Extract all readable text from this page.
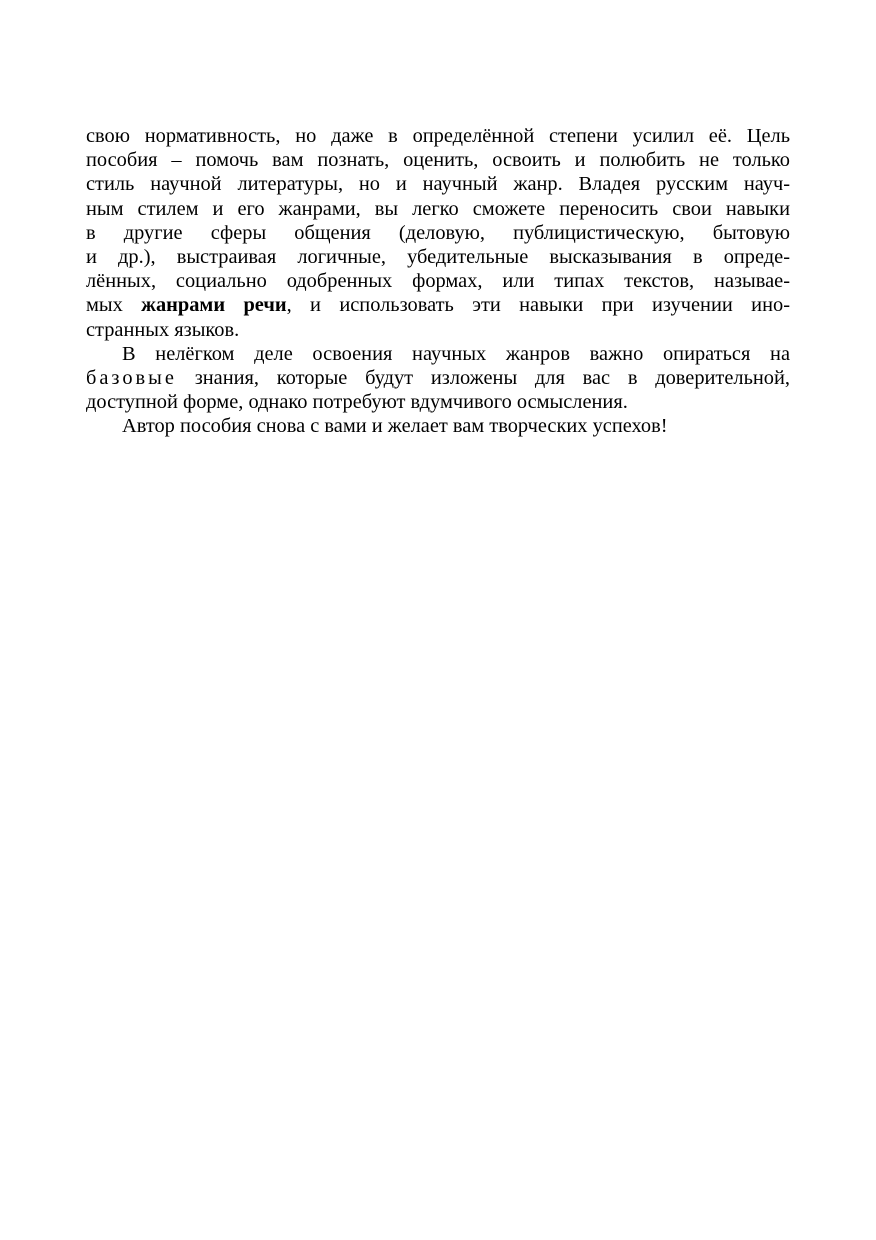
свою нормативность, но даже в определённой степени усилил её. Цель
пособия – помочь вам познать, оценить, освоить и полюбить не только
стиль научной литературы, но и научный жанр. Владея русским науч-
ным стилем и его жанрами, вы легко сможете переносить свои навыки
в другие сферы общения (деловую, публицистическую, бытовую
и др.), выстраивая логичные, убедительные высказывания в опреде-
лённых, социально одобренных формах, или типах текстов, называе-
мых жанрами речи, и использовать эти навыки при изучении ино-
странных языков.

В нелёгком деле освоения научных жанров важно опираться на
базовые знания, которые будут изложены для вас в доверительной,
доступной форме, однако потребуют вдумчивого осмысления.

Автор пособия снова с вами и желает вам творческих успехов!
